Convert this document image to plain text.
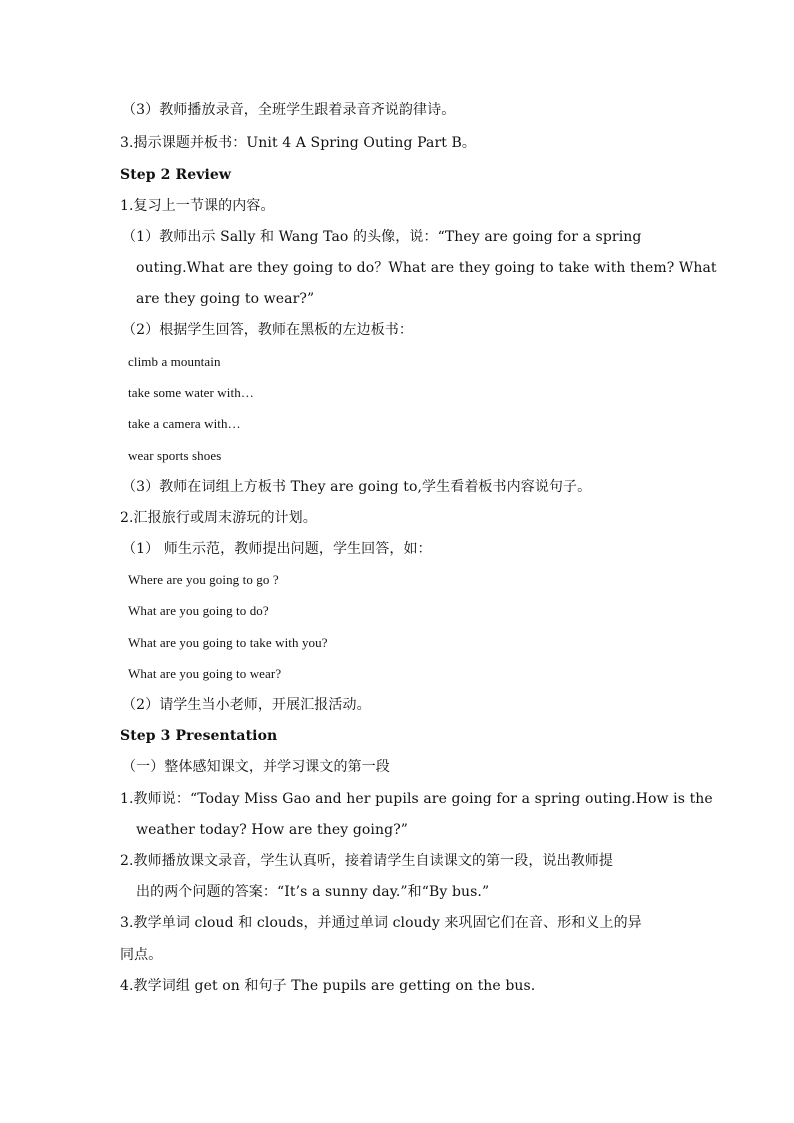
（3）教师播放录音，全班学生跟着录音齐说韵律诗。
3.揭示课题并板书：Unit 4 A Spring Outing Part B。
Step 2 Review
1.复习上一节课的内容。
（1）教师出示 Sally 和 Wang Tao 的头像，说：“They are going for a spring
outing.What are they going to do？What are they going to take with them? What
are they going to wear?”
（2）根据学生回答，教师在黑板的左边板书：
climb a mountain
take some water with…
take a camera with…
wear sports shoes
（3）教师在词组上方板书 They are going to,学生看着板书内容说句子。
2.汇报旅行或周末游玩的计划。
（1） 师生示范，教师提出问题，学生回答，如：
Where are you going to go ?
What are you going to do?
What are you going to take with you?
What are you going to wear?
（2）请学生当小老师，开展汇报活动。
Step 3 Presentation
（一）整体感知课文，并学习课文的第一段
1.教师说：“Today Miss Gao and her pupils are going for a spring outing.How is the
weather today? How are they going?”
2.教师播放课文录音，学生认真听，接着请学生自读课文的第一段，说出教师提
出的两个问题的答案：“It’s a sunny day.”和“By bus.”
3.教学单词 cloud 和 clouds，并通过单词 cloudy 来巩固它们在音、形和义上的异
同点。
4.教学词组 get on 和句子 The pupils are getting on the bus.
